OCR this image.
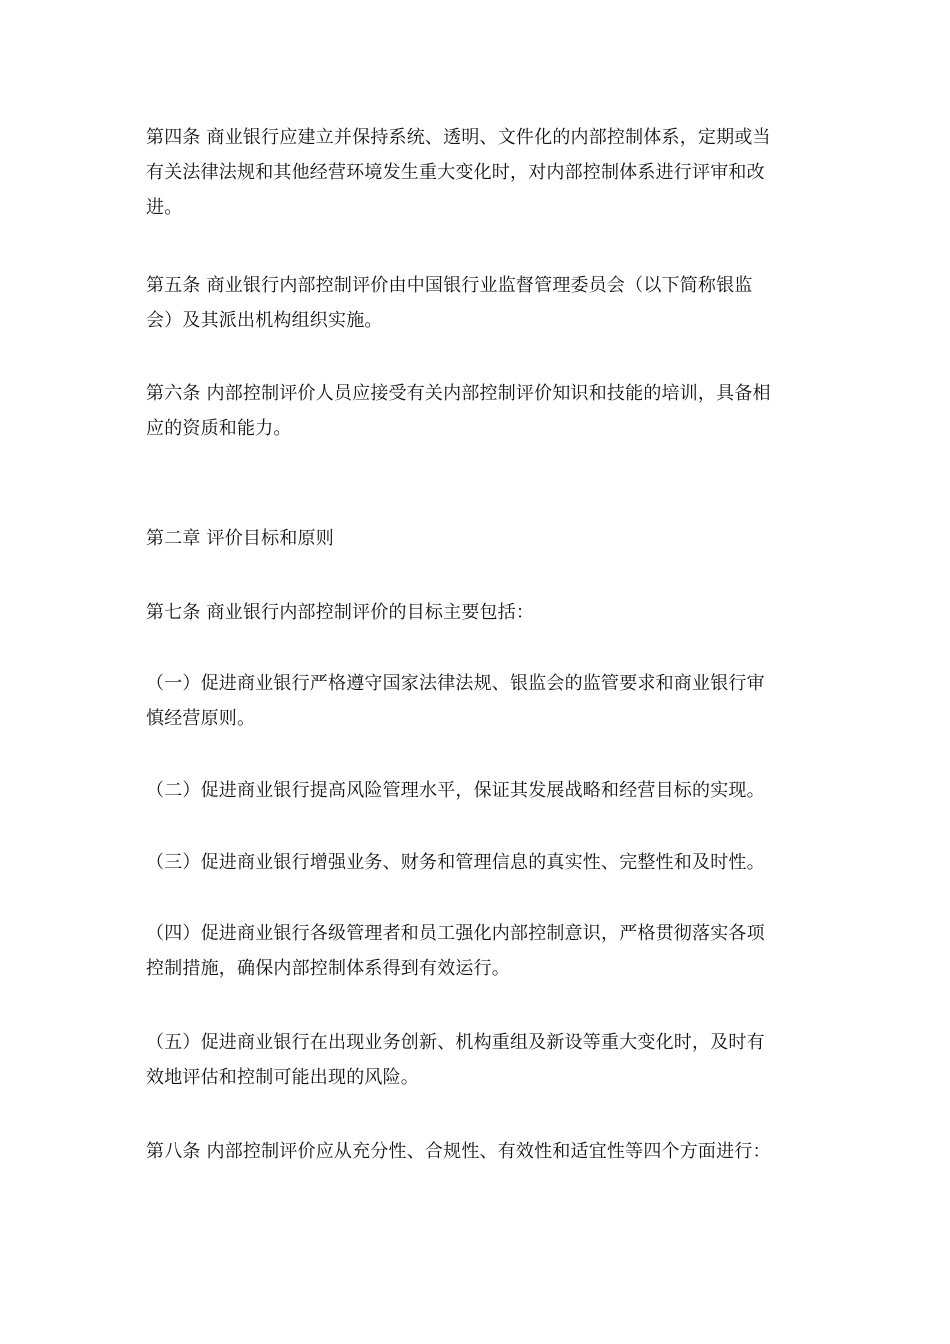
第四条 商业银行应建立并保持系统、透明、文件化的内部控制体系，定期或当
有关法律法规和其他经营环境发生重大变化时，对内部控制体系进行评审和改
进。

第五条 商业银行内部控制评价由中国银行业监督管理委员会（以下简称银监
会）及其派出机构组织实施。

第六条 内部控制评价人员应接受有关内部控制评价知识和技能的培训，具备相
应的资质和能力。

第二章 评价目标和原则

第七条 商业银行内部控制评价的目标主要包括：

（一）促进商业银行严格遵守国家法律法规、银监会的监管要求和商业银行审
慎经营原则。

（二）促进商业银行提高风险管理水平，保证其发展战略和经营目标的实现。

（三）促进商业银行增强业务、财务和管理信息的真实性、完整性和及时性。

（四）促进商业银行各级管理者和员工强化内部控制意识，严格贯彻落实各项
控制措施，确保内部控制体系得到有效运行。

（五）促进商业银行在出现业务创新、机构重组及新设等重大变化时，及时有
效地评估和控制可能出现的风险。

第八条 内部控制评价应从充分性、合规性、有效性和适宜性等四个方面进行：
